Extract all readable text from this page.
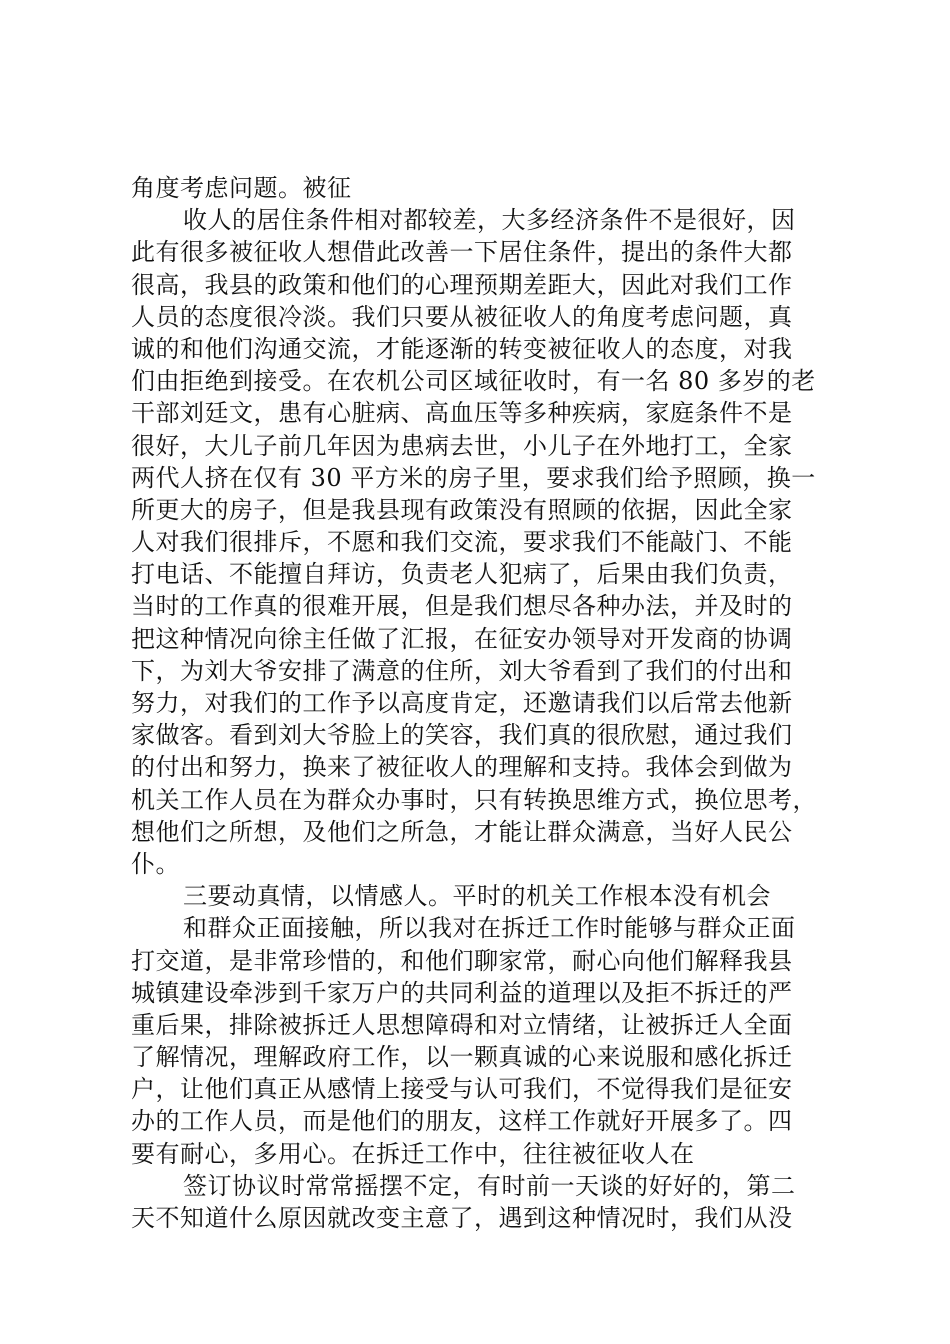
角度考虑问题。被征
收人的居住条件相对都较差，大多经济条件不是很好，因
此有很多被征收人想借此改善一下居住条件，提出的条件大都
很高，我县的政策和他们的心理预期差距大，因此对我们工作
人员的态度很冷淡。我们只要从被征收人的角度考虑问题，真
诚的和他们沟通交流，才能逐渐的转变被征收人的态度，对我
们由拒绝到接受。在农机公司区域征收时，有一名 80 多岁的老
干部刘廷文，患有心脏病、高血压等多种疾病，家庭条件不是
很好，大儿子前几年因为患病去世，小儿子在外地打工，全家
两代人挤在仅有 30 平方米的房子里，要求我们给予照顾，换一
所更大的房子，但是我县现有政策没有照顾的依据，因此全家
人对我们很排斥，不愿和我们交流，要求我们不能敲门、不能
打电话、不能擅自拜访，负责老人犯病了，后果由我们负责，
当时的工作真的很难开展，但是我们想尽各种办法，并及时的
把这种情况向徐主任做了汇报，在征安办领导对开发商的协调
下，为刘大爷安排了满意的住所，刘大爷看到了我们的付出和
努力，对我们的工作予以高度肯定，还邀请我们以后常去他新
家做客。看到刘大爷脸上的笑容，我们真的很欣慰，通过我们
的付出和努力，换来了被征收人的理解和支持。我体会到做为
机关工作人员在为群众办事时，只有转换思维方式，换位思考，
想他们之所想，及他们之所急，才能让群众满意，当好人民公
仆。
三要动真情，以情感人。平时的机关工作根本没有机会
和群众正面接触，所以我对在拆迁工作时能够与群众正面
打交道，是非常珍惜的，和他们聊家常，耐心向他们解释我县
城镇建设牵涉到千家万户的共同利益的道理以及拒不拆迁的严
重后果，排除被拆迁人思想障碍和对立情绪，让被拆迁人全面
了解情况，理解政府工作，以一颗真诚的心来说服和感化拆迁
户，让他们真正从感情上接受与认可我们，不觉得我们是征安
办的工作人员，而是他们的朋友，这样工作就好开展多了。四
要有耐心，多用心。在拆迁工作中，往往被征收人在
签订协议时常常摇摆不定，有时前一天谈的好好的，第二
天不知道什么原因就改变主意了，遇到这种情况时，我们从没
